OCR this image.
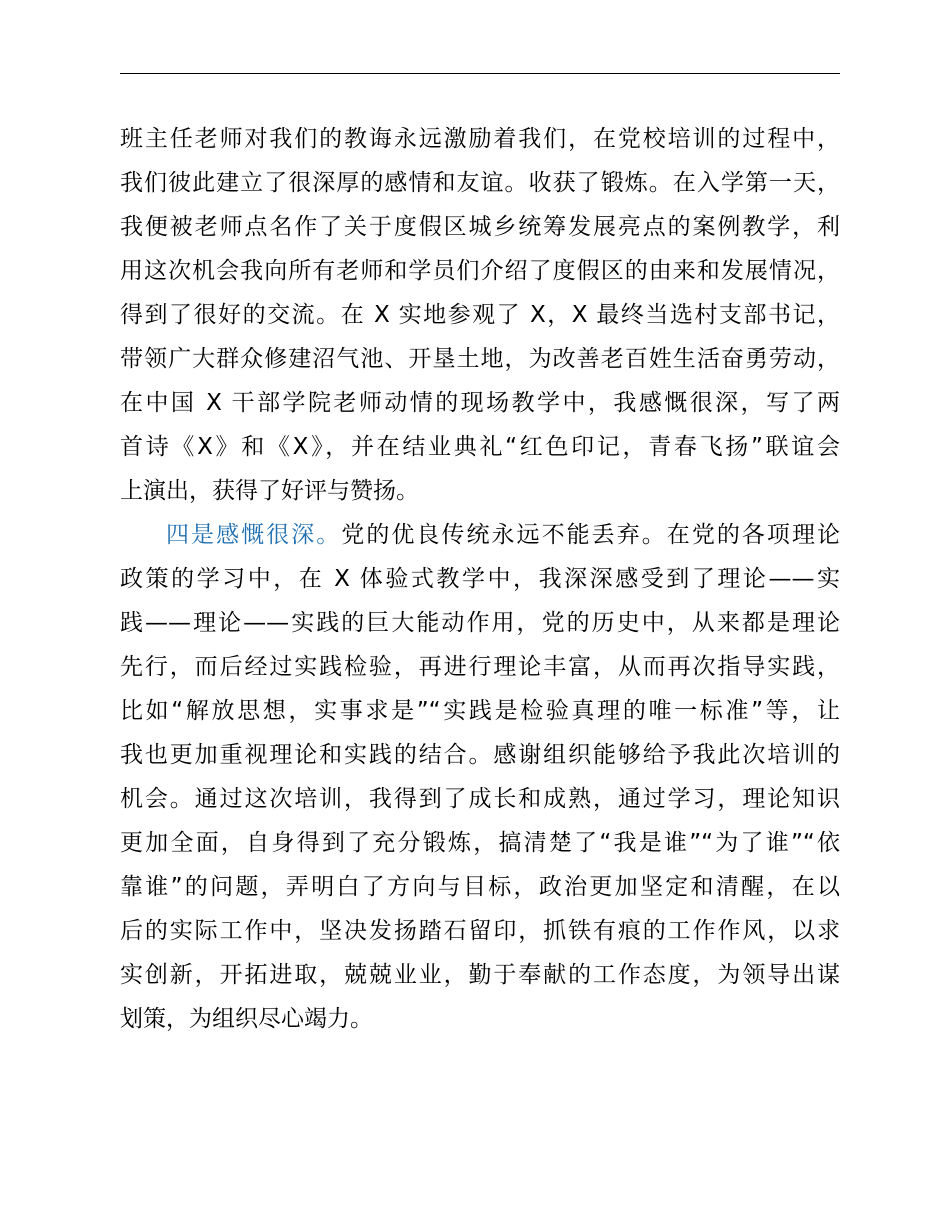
班主任老师对我们的教诲永远激励着我们，在党校培训的过程中，
我们彼此建立了很深厚的感情和友谊。收获了锻炼。在入学第一天，
我便被老师点名作了关于度假区城乡统筹发展亮点的案例教学，利
用这次机会我向所有老师和学员们介绍了度假区的由来和发展情况，
得到了很好的交流。在 X 实地参观了 X，X 最终当选村支部书记，
带领广大群众修建沼气池、开垦土地，为改善老百姓生活奋勇劳动，
在中国 X 干部学院老师动情的现场教学中，我感慨很深，写了两
首诗《X》和《X》，并在结业典礼“红色印记，青春飞扬”联谊会
上演出，获得了好评与赞扬。
四是感慨很深。党的优良传统永远不能丢弃。在党的各项理论
政策的学习中，在 X 体验式教学中，我深深感受到了理论——实
践——理论——实践的巨大能动作用，党的历史中，从来都是理论
先行，而后经过实践检验，再进行理论丰富，从而再次指导实践，
比如“解放思想，实事求是”“实践是检验真理的唯一标准”等，让
我也更加重视理论和实践的结合。感谢组织能够给予我此次培训的
机会。通过这次培训，我得到了成长和成熟，通过学习，理论知识
更加全面，自身得到了充分锻炼，搞清楚了“我是谁”“为了谁”“依
靠谁”的问题，弄明白了方向与目标，政治更加坚定和清醒，在以
后的实际工作中，坚决发扬踏石留印，抓铁有痕的工作作风，以求
实创新，开拓进取，兢兢业业，勤于奉献的工作态度，为领导出谋
划策，为组织尽心竭力。
